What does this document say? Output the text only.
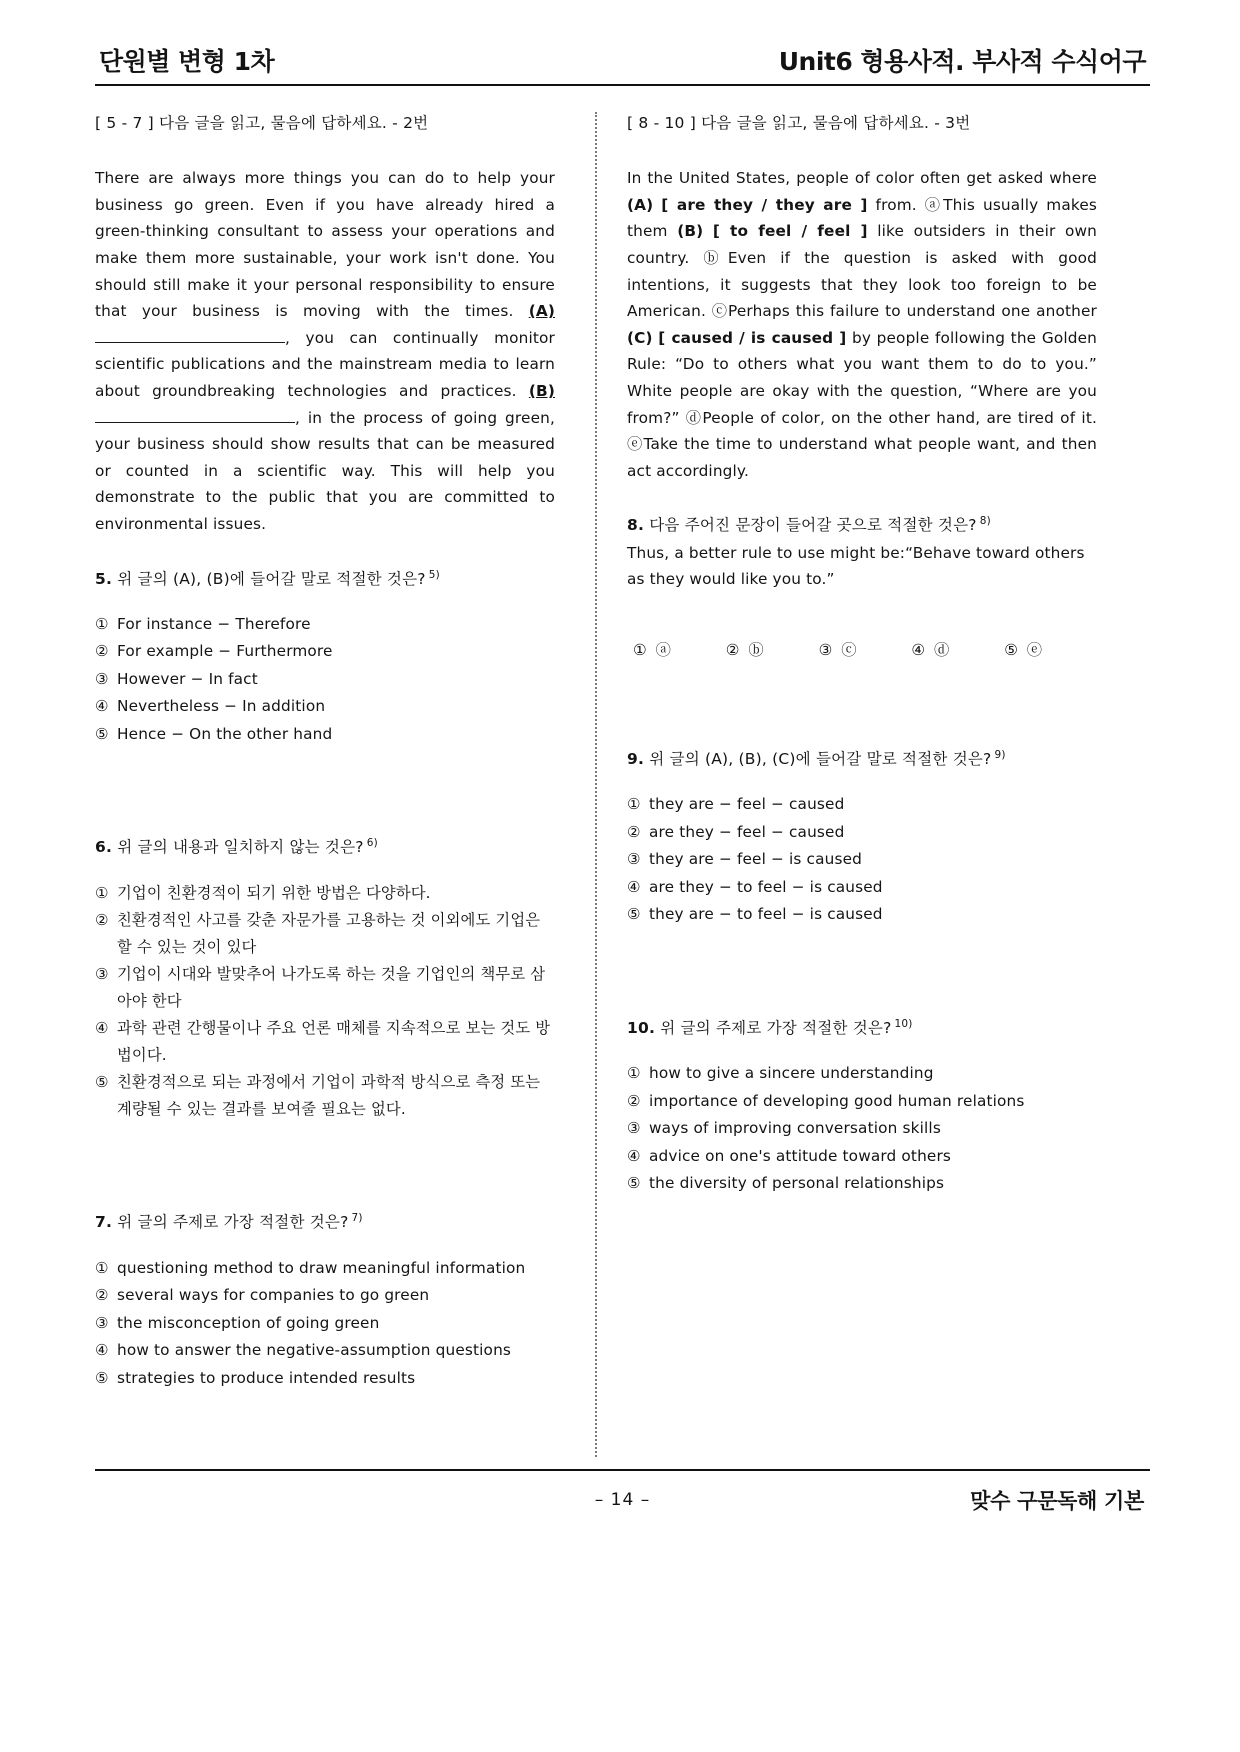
단원별 변형 1차	Unit6 형용사적. 부사적 수식어구
[ 5 - 7 ] 다음 글을 읽고, 물음에 답하세요. - 2번
There are always more things you can do to help your business go green. Even if you have already hired a green-thinking consultant to assess your operations and make them more sustainable, your work isn't done. You should still make it your personal responsibility to ensure that your business is moving with the times. (A), you can continually monitor scientific publications and the mainstream media to learn about groundbreaking technologies and practices. (B), in the process of going green, your business should show results that can be measured or counted in a scientific way. This will help you demonstrate to the public that you are committed to environmental issues.
5. 위 글의 (A), (B)에 들어갈 말로 적절한 것은? $^{5)}$
① For instance − Therefore
② For example − Furthermore
③ However − In fact
④ Nevertheless − In addition
⑤ Hence − On the other hand
6. 위 글의 내용과 일치하지 않는 것은? $^{6)}$
① 기업이 친환경적이 되기 위한 방법은 다양하다.
② 친환경적인 사고를 갖춘 자문가를 고용하는 것 이외에도 기업은 할 수 있는 것이 있다
③ 기업이 시대와 발맞추어 나가도록 하는 것을 기업인의 책무로 삼아야 한다
④ 과학 관련 간행물이나 주요 언론 매체를 지속적으로 보는 것도 방법이다.
⑤ 친환경적으로 되는 과정에서 기업이 과학적 방식으로 측정 또는 계량될 수 있는 결과를 보여줄 필요는 없다.
7. 위 글의 주제로 가장 적절한 것은? $^{7)}$
① questioning method to draw meaningful information
② several ways for companies to go green
③ the misconception of going green
④ how to answer the negative-assumption questions
⑤ strategies to produce intended results
[ 8 - 10 ] 다음 글을 읽고, 물음에 답하세요. - 3번
In the United States, people of color often get asked where (A) [ are they / they are ] from. ⓐThis usually makes them (B) [ to feel / feel ] like outsiders in their own country. ⓑEven if the question is asked with good intentions, it suggests that they look too foreign to be American. ⓒPerhaps this failure to understand one another (C) [ caused / is caused ] by people following the Golden Rule: “Do to others what you want them to do to you.” White people are okay with the question, “Where are you from?” ⓓPeople of color, on the other hand, are tired of it. ⓔTake the time to understand what people want, and then act accordingly.
8. 다음 주어진 문장이 들어갈 곳으로 적절한 것은? $^{8)}$
Thus, a better rule to use might be:“Behave toward others as they would like you to.”
① ⓐ	② ⓑ	③ ⓒ	④ ⓓ	⑤ ⓔ
9. 위 글의 (A), (B), (C)에 들어갈 말로 적절한 것은? $^{9)}$
① they are − feel − caused
② are they − feel − caused
③ they are − feel − is caused
④ are they − to feel − is caused
⑤ they are − to feel − is caused
10. 위 글의 주제로 가장 적절한 것은? $^{10)}$
① how to give a sincere understanding
② importance of developing good human relations
③ ways of improving conversation skills
④ advice on one's attitude toward others
⑤ the diversity of personal relationships
– 14 –	맞수 구문독해 기본
